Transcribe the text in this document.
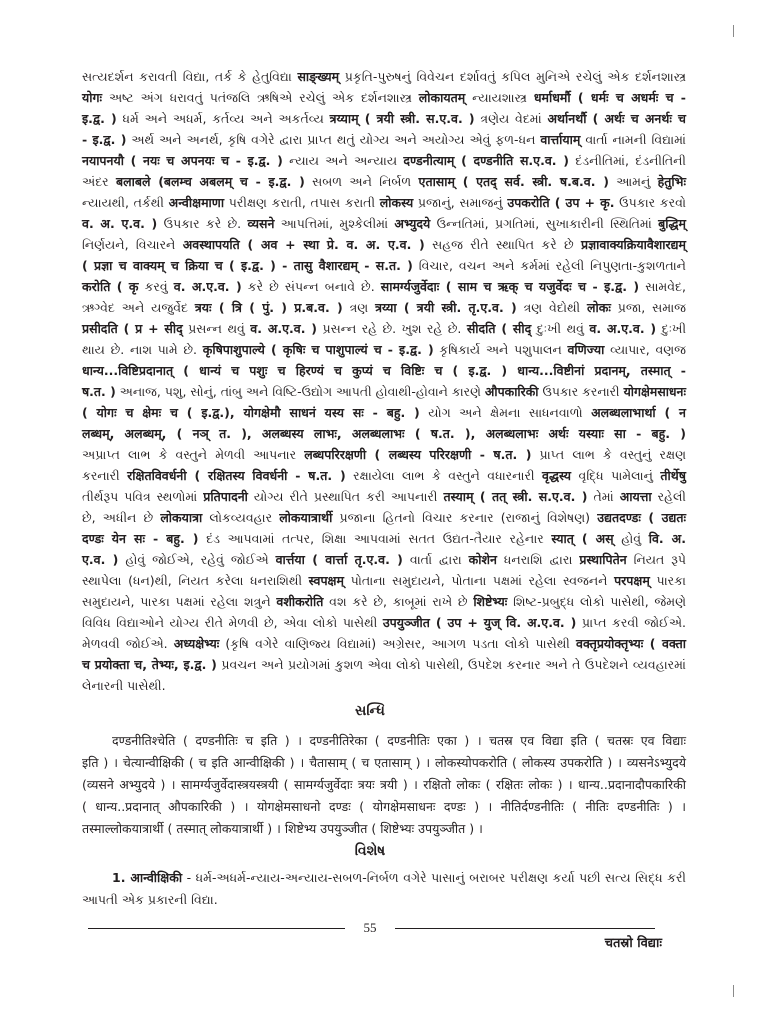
સત્યદર્શન કરાવતી વિદ્યા, તર્ક કે હેતુવિદ્યા साङ्ख्यम् પ્રકૃતિ-પુરુષનું વિવેચન દર્શાવતું કપિલ મુનિએ રચેલું એક દર્શનશાસ્ત્ર
योगः અષ્ટ અંગ ધરાવતું પતંજલિ ઋષિએ રચેલું એક દર્શનશાસ્ત્ર लोकायतम् ન્યાયશાસ્ત્ર धर्माधर्मौ ( धर्मः च अधर्मः च -
इ.द्व. ) ધર્મ અને અધર્મ, કર્તવ્ય અને અકર્તવ્ય त्रय्याम् ( त्रयी स्त्री. स.ए.व. ) ત્રણેય વેદમાં अर्थानर्थौ ( अर्थः च अनर्थः च
- इ.द्व. ) અર્થ અને અનર્થ, કૃષિ વગેરે દ્વારા પ્રાપ્ત થતું યોગ્ય અને અયોગ્ય એવું ફળ-ધન वार्त्तायाम् વાર્તા નામની વિદ્યામાં
नयापनयौ ( नयः च अपनयः च - इ.द्व. ) ન્યાય અને અન્યાય दण्डनीत्याम् ( दण्डनीति स.ए.व. ) દંડનીતિમાં, દંડનીતિની
અંદર बलाबले (बलम्च अबलम् च - इ.द्व. ) સબળ અને નિર્બળ एतासाम् ( एतद् सर्व. स्त्री. ष.ब.व. ) આમનું हेतुभिः
ન્યાયથી, તર્કથી अन्वीक्षमाणा પરીક્ષણ કરાતી, તપાસ કરાતી लोकस्य પ્રજાનું, સમાજનું उपकरोति ( उप + कृ. ઉપકાર કરવો
व. अ. ए.व. ) ઉપકાર કરે છે. व्यसने આપત્તિમાં, મુશ્કેલીમાં अभ्युदये ઉન્નતિમાં, પ્રગતિમાં, સુખાકારીની સ્થિતિમાં बुद्धिम्
નિર્ણયને, વિચારને अवस्थापयति ( अव + स्था प्रे. व. अ. ए.व. ) સહજ રીતે સ્થાપિત કરે છે प्रज्ञावाक्यक्रियावैशारद्यम्
( प्रज्ञा च वाक्यम् च क्रिया च ( इ.द्व. ) - तासु वैशारद्यम् - स.त. ) વિચાર, વચન અને કર્મમાં રહેલી નિપુણતા-કુશળતાને
करोति ( कृ કરવું व. अ.ए.व. ) કરે છે સંપન્ન બનાવે છે. सामर्ग्यजुर्वेदाः ( साम च ऋक् च यजुर्वेदः च - इ.द्व. ) સામવેદ,
ઋગ્વેદ અને યજુર્વેદ त्रयः ( त्रि ( पुं. ) प्र.ब.व. ) ત્રણ त्रय्या ( त्रयी स्त्री. तृ.ए.व. ) ત્રણ વેદોથી लोकः પ્રજા, સમાજ
प्रसीदति ( प्र + सीद् પ્રસન્ન થવું व. अ.ए.व. ) પ્રસન્ન રહે છે. ખુશ રહે છે. सीदति ( सीद् દુઃખી થવું व. अ.ए.व. ) દુઃખી
થાય છે. નાશ પામે છે. कृषिपाशुपाल्ये ( कृषिः च पाशुपाल्यं च - इ.द्व. ) કૃષિકાર્ય અને પશુપાલન वणिज्या વ્યાપાર, વણજ
धान्य...विष्टिप्रदानात् ( धान्यं च पशुः च हिरण्यं च कुप्यं च विष्टिः च ( इ.द्व. ) धान्य...विष्टीनां प्रदानम्, तस्मात् -
ष.त. ) અનાજ, પશુ, સોનું, તાંબુ અને વિષ્ટિ-ઉદ્યોગ આપતી હોવાથી-હોવાને કારણે औपकारिकी ઉપકાર કરનારી योगक्षेमसाधनः
( योगः च क्षेमः च ( इ.द्व.), योगक्षेमौ साधनं यस्य सः - बहु. ) યોગ અને ક્ષેમના સાધનવાળો अलब्धलाभार्था ( न
लब्धम्, अलब्धम्, ( नञ् त. ), अलब्धस्य लाभः, अलब्धलाभः ( ष.त. ), अलब्धलाभः अर्थः यस्याः सा - बहु. )
અપ્રાપ્ત લાભ કે વસ્તુને મેળવી આપનાર लब्धपरिरक्षणी ( लब्धस्य परिरक्षणी - ष.त. ) પ્રાપ્ત લાભ કે વસ્તુનું રક્ષણ
કરનારી रक्षितविवर्धनी ( रक्षितस्य विवर्धनी - ष.त. ) રક્ષાયેલા લાભ કે વસ્તુને વધારનારી वृद्धस्य વૃદ્ધિ પામેલાનું तीर्थेषु
તીર્થરૂપ પવિત્ર સ્થળોમાં प्रतिपादनी યોગ્ય રીતે પ્રસ્થાપિત કરી આપનારી तस्याम् ( तत् स्त्री. स.ए.व. ) તેમાં आयत्ता રહેલી
છે, અધીન છે लोकयात्रा લોકવ્યવહાર लोकयात्रार्थी પ્રજાના હિતનો વિચાર કરનાર (રાજાનું વિશેષણ) उद्यतदण्डः ( उद्यतः
दण्डः येन सः - बहु. ) દંડ આપવામાં તત્પર, શિક્ષા આપવામાં સતત ઉદ્યત-તૈયાર રહેનાર स्यात् ( अस् હોવું वि. अ.
ए.व. ) હોવું જોઈએ, રહેવું જોઈએ वार्त्तया ( वार्त्ता तृ.ए.व. ) વાર્તા દ્વારા कोशेन ધનરાશિ દ્વારા प्रस्थापितेन નિયત રૂપે
સ્થાપેલા (ધન)થી, નિયત કરેલા ધનરાશિથી स्वपक्षम् પોતાના સમુદાયને, પોતાના પક્ષમાં રહેલા સ્વજનને परपक्षम् પારકા
સમુદાયને, પારકા પક્ષમાં રહેલા શત્રુને वशीकरोति વશ કરે છે, કાબૂમાં રાખે છે शिष्टेभ्यः શિષ્ટ-પ્રબુદ્ધ લોકો પાસેથી, જેમણે
વિવિધ વિદ્યાઓને યોગ્ય રીતે મેળવી છે, એવા લોકો પાસેથી उपयुञ्जीत ( उप + युज् वि. अ.ए.व. ) પ્રાપ્ત કરવી જોઈએ.
મેળવવી જોઈએ. अध्यक्षेभ्यः (કૃષિ વગેરે વાણિજ્ય વિદ્યામાં) અગ્રેસર, આગળ પડતા લોકો પાસેથી वक्तृप्रयोक्तृभ्यः ( वक्ता
च प्रयोक्ता च, तेभ्यः, इ.द्व. ) પ્રવચન અને પ્રયોગમાં કુશળ એવા લોકો પાસેથી, ઉપદેશ કરનાર અને તે ઉપદેશને વ્યવહારમાં
લેનારની પાસેથી.
સન્ધિ
दण्डनीतिश्चेति ( दण्डनीतिः च इति ) । दण्डनीतिरेका ( दण्डनीतिः एका ) । चतस्र एव विद्या इति ( चतस्रः एव विद्याः
इति ) । चेत्यान्वीक्षिकी ( च इति आन्वीक्षिकी ) । चैतासाम् ( च एतासाम् ) । लोकस्योपकरोति ( लोकस्य उपकरोति ) । व्यसनेऽभ्युदये
(व्यसने अभ्युदये ) । सामर्ग्यजुर्वेदास्त्रयस्त्रयी ( सामर्ग्यजुर्वेदाः त्रयः त्रयी ) । रक्षितो लोकः ( रक्षितः लोकः ) । धान्य..प्रदानादौपकारिकी
( धान्य..प्रदानात् औपकारिकी ) । योगक्षेमसाधनो दण्डः ( योगक्षेमसाधनः दण्डः ) । नीतिर्दण्डनीतिः ( नीतिः दण्डनीतिः ) ।
तस्माल्लोकयात्रार्थी ( तस्मात् लोकयात्रार्थी ) । शिष्टेभ्य उपयुञ्जीत ( शिष्टेभ्यः उपयुञ्जीत ) ।
વિશેષ
1. आन्वीक्षिकी - ધર્મ-અધર્મ-ન્યાય-અન્યાય-સબળ-નિર્બળ વગેરે પાસાનું બરાબર પરીક્ષણ કર્યા પછી સત્ય સિદ્ધ કરી
આપતી એક પ્રકારની વિદ્યા.
55
चतस्रो विद्याः
